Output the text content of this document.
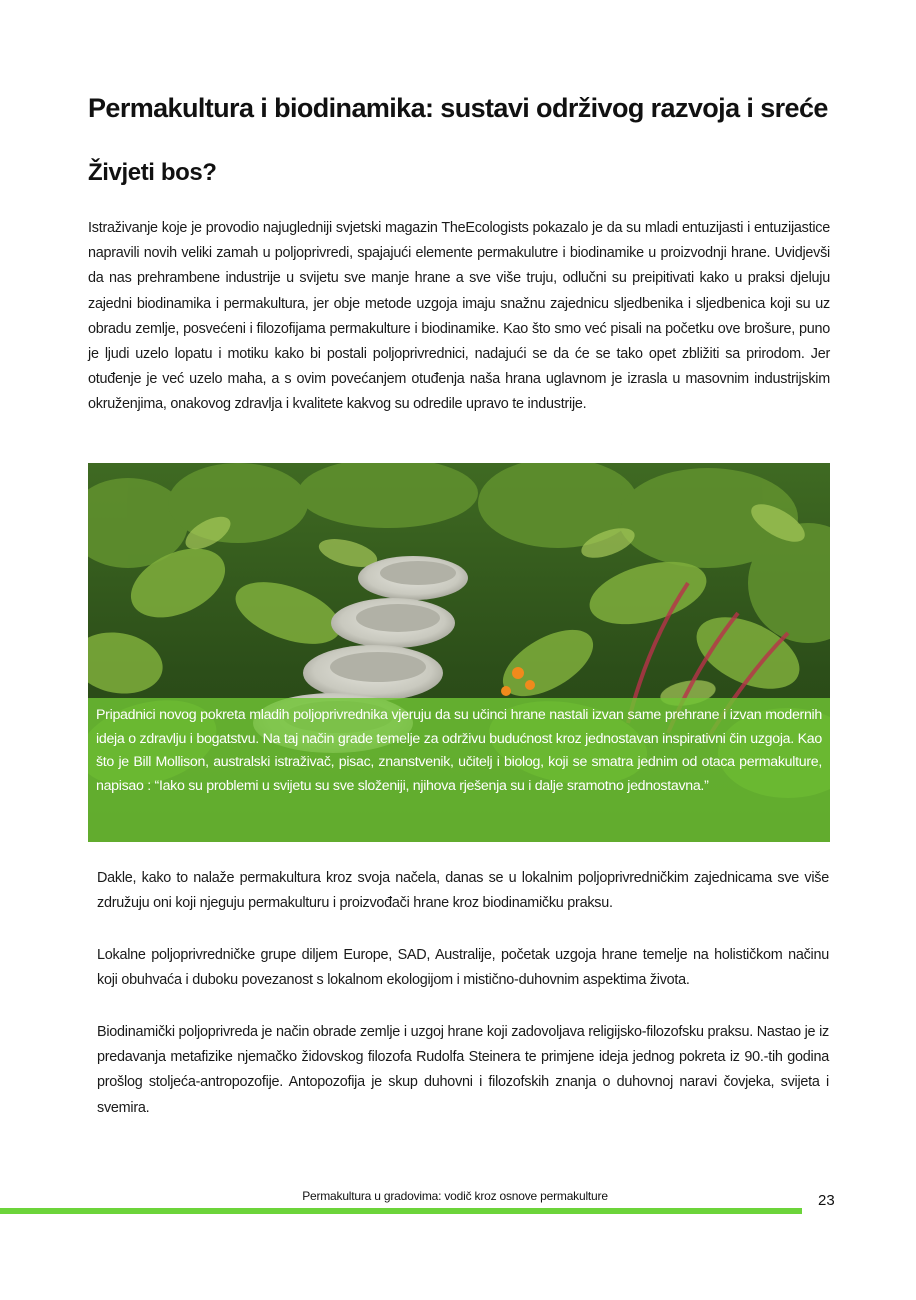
Permakultura i biodinamika: sustavi održivog razvoja i sreće
Živjeti bos?

Istraživanje koje je provodio najugledniji svjetski magazin TheEcologists pokazalo je da su mladi entuzijasti i entuzijastice napravili novih veliki zamah u poljoprivredi, spajajući elemente permakulutre i biodinamike u proizvodnji hrane. Uvidjevši da nas prehrambene industrije u svijetu sve manje hrane a sve više truju, odlučni su preipitivati kako u praksi djeluju zajedni biodinamika i permakultura, jer obje metode uzgoja imaju snažnu zajednicu sljedbenika i sljedbenica koji su uz obradu zemlje, posvećeni i filozofijama permakulture i biodinamike. Kao što smo već pisali na početku ove brošure, puno je ljudi uzelo lopatu i motiku kako bi postali poljoprivrednici, nadajući se da će se tako opet zbližiti sa prirodom. Jer otuđenje je već uzelo maha, a s ovim povećanjem otuđenja naša hrana uglavnom je izrasla u masovnim industrijskim okruženjima, onakovog zdravlja i kvalitete kakvog su odredile upravo te industrije.

Pripadnici novog pokreta mladih poljoprivrednika vjeruju da su učinci hrane nastali izvan same prehrane i izvan modernih ideja o zdravlju i bogatstvu. Na taj način grade temelje za održivu budućnost kroz jednostavan inspirativni čin uzgoja. Kao što je Bill Mollison, australski istraživač, pisac, znanstvenik, učitelj i biolog, koji se smatra jednim od otaca permakulture, napisao : “Iako su problemi u svijetu su sve složeniji, njihova rješenja su i dalje sramotno jednostavna.”

Dakle, kako to nalaže permakultura kroz svoja načela, danas se u lokalnim poljoprivredničkim zajednicama sve više združuju oni koji njeguju permakulturu i proizvođači hrane kroz biodinamičku praksu.

Lokalne poljoprivredničke grupe diljem Europe, SAD, Australije, početak uzgoja hrane temelje na holističkom načinu koji obuhvaća i duboku povezanost s lokalnom ekologijom i mistično-duhovnim aspektima života.

Biodinamički poljoprivreda je način obrade zemlje i uzgoj hrane koji zadovoljava religijsko-filozofsku praksu. Nastao je iz predavanja metafizike njemačko židovskog filozofa Rudolfa Steinera te primjene ideja jednog pokreta iz 90.-tih godina prošlog stoljeća-antropozofije. Antopozofija je skup duhovni i filozofskih znanja o duhovnoj naravi čovjeka, svijeta i svemira.

Permakultura u gradovima: vodič kroz osnove permakulture	23
